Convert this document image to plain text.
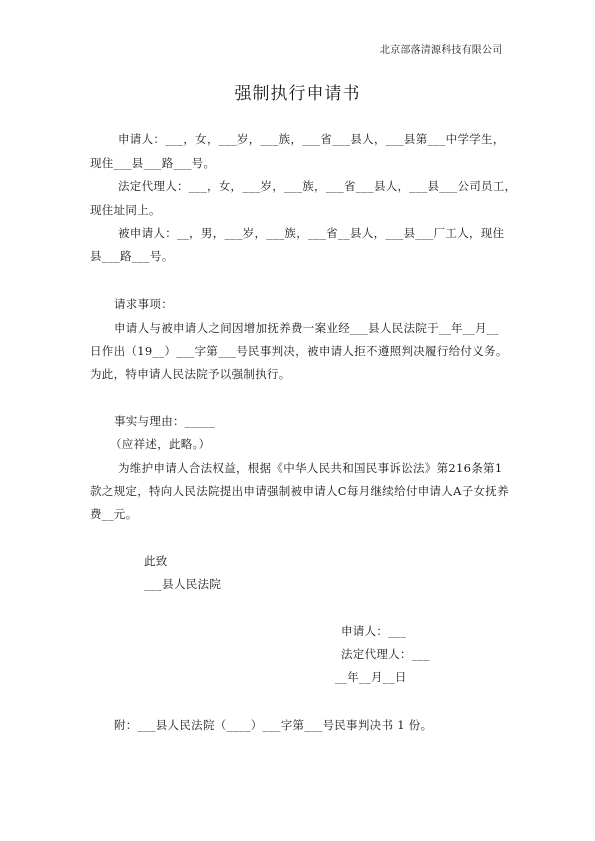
北京部落清源科技有限公司
强制执行申请书
申请人：___，女，___岁，___族，___省___县人，___县第___中学学生，
现住___县___路___号。
法定代理人：___，女，___岁，___族，___省___县人，___县___公司员工，
现住址同上。
被申请人：__，男，___岁，___族，___省__县人，___县___厂工人，现住
县___路___号。
请求事项：
申请人与被申请人之间因增加抚养费一案业经___县人民法院于__年__月__
日作出（19__）___字第___号民事判决，被申请人拒不遵照判决履行给付义务。
为此，特申请人民法院予以强制执行。
事实与理由：_____
（应祥述，此略。）
为维护申请人合法权益，根据《中华人民共和国民事诉讼法》第216条第1
款之规定，特向人民法院提出申请强制被申请人C每月继续给付申请人A子女抚养
费__元。
此致
___县人民法院
申请人：___
法定代理人：___
__年__月__日
附：___县人民法院（____）___字第___号民事判决书 1 份。
